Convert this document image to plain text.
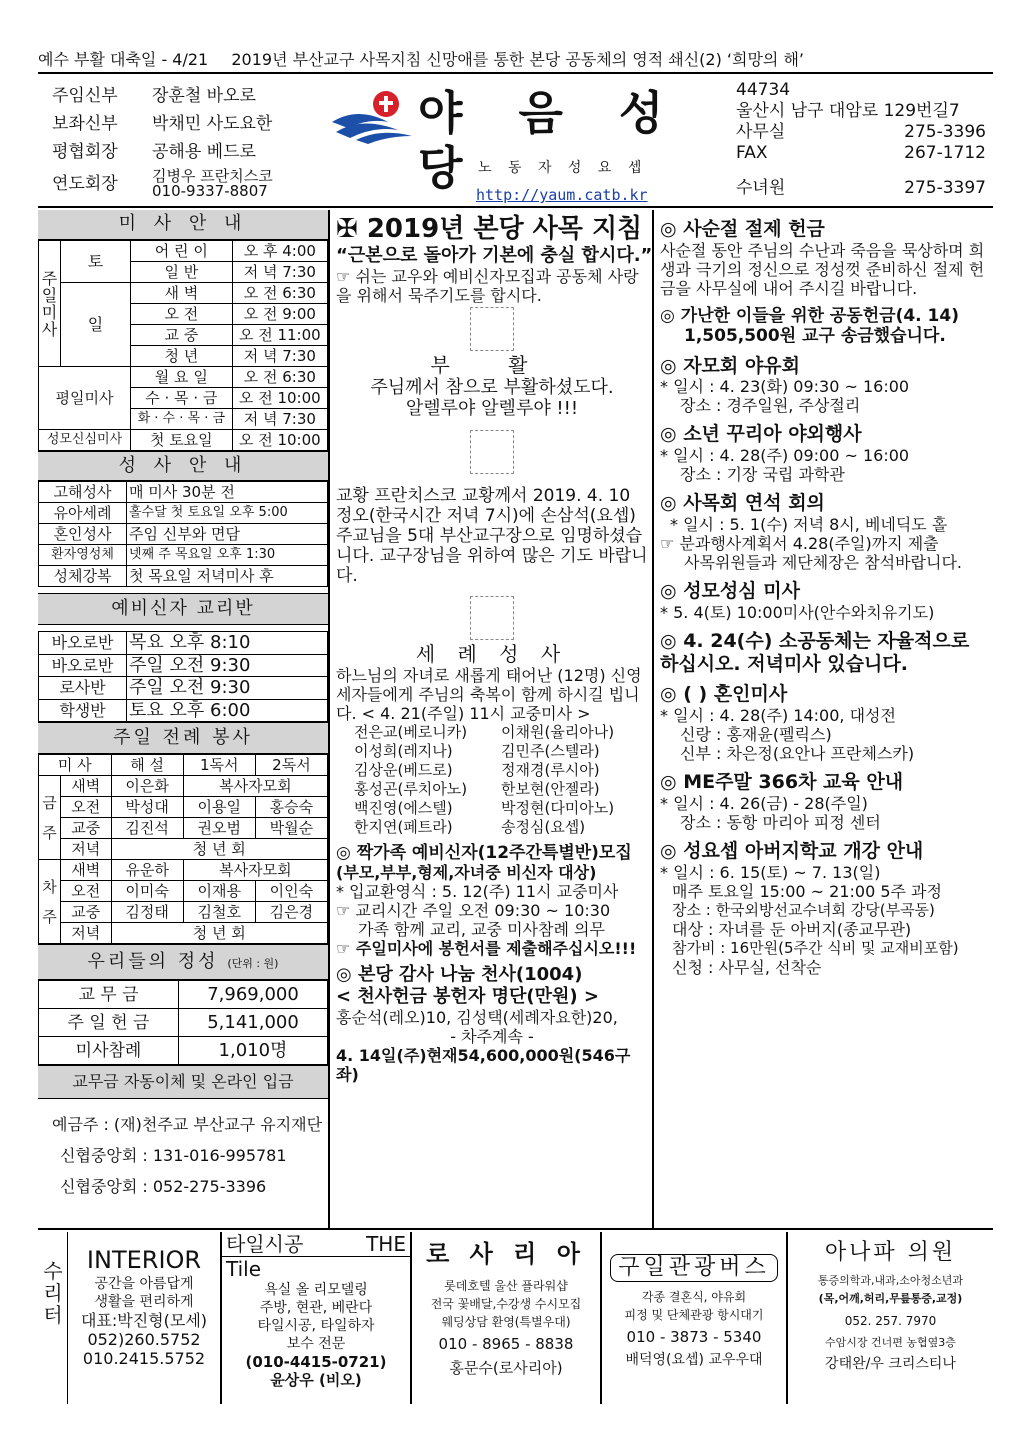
예수 부활 대축일 - 4/21 2019년 부산교구 사목지침 신망애를 통한 본당 공동체의 영적 쇄신(2) ‘희망의 해’
주임신부	장훈철 바오로
보좌신부	박채민 사도요한
평협회장	공해용 베드로
연도회장	김병우 프란치스코
010-9337-8807
야 음 성 당
노 동 자 성 요 셉
http://yaum.catb.kr
44734
울산시 남구 대암로 129번길7
사무실	275-3396
FAX	267-1712
수녀원	275-3397
미 사 안 내
주일미사	토	어 린 이	오 후 4:00
		일 반	저 녁 7:30
	일	새 벽	오 전 6:30
		오 전	오 전 9:00
		교 중	오 전 11:00
		청 년	저 녁 7:30
평일미사		월 요 일	오 전 6:30
		수 · 목 · 금	오 전 10:00
		화 · 수 · 목 · 금	저 녁 7:30
성모신심미사		첫 토요일	오 전 10:00
성 사 안 내
고해성사	매 미사 30분 전
유아세례	홀수달 첫 토요일 오후 5:00
혼인성사	주임 신부와 면담
환자영성체	넷째 주 목요일 오후 1:30
성체강복	첫 목요일 저녁미사 후
예비신자 교리반
바오로반	목요 오후 8:10
바오로반	주일 오전 9:30
로사반	주일 오전 9:30
학생반	토요 오후 6:00
주일 전례 봉사
미 사		해 설	1독서	2독서
금주	새벽	이은화	복사자모회	
	오전	박성대	이용일	홍승숙
	교중	김진석	권오범	박월순
	저녁	청 년 회		
차주	새벽	유운하	복사자모회	
	오전	이미숙	이재용	이인숙
	교중	김정태	김철호	김은경
	저녁	청 년 회		
우리들의 정성 (단위 : 원)
교 무 금	7,969,000
주 일 헌 금	5,141,000
미사참례	1,010명
교무금 자동이체 및 온라인 입금
예금주 : (재)천주교 부산교구 유지재단
신협중앙회 : 131-016-995781
신협중앙회 : 052-275-3396
✠ 2019년 본당 사목 지침
“근본으로 돌아가 기본에 충실 합시다.”
☞ 쉬는 교우와 예비신자모집과 공동체 사랑을 위해서 묵주기도를 합시다.
부 활
주님께서 참으로 부활하셨도다.
알렐루야 알렐루야 !!!
교황 프란치스코 교황께서 2019. 4. 10 정오(한국시간 저녁 7시)에 손삼석(요셉)주교님을 5대 부산교구장으로 임명하셨습니다. 교구장님을 위하여 많은 기도 바랍니다.
세 례 성 사
하느님의 자녀로 새롭게 태어난 (12명) 신영세자들에게 주님의 축복이 함께 하시길 빕니다. < 4. 21(주일) 11시 교중미사 >
전은교(베로니카)	이채원(율리아나)
이성희(레지나)	김민주(스텔라)
김상운(베드로)	정재경(루시아)
홍성곤(루치아노)	한보현(안젤라)
백진영(에스텔)	박정현(다미아노)
한지연(페트라)	송정심(요셉)
◎ 짝가족 예비신자(12주간특별반)모집
(부모,부부,형제,자녀중 비신자 대상)
* 입교환영식 : 5. 12(주) 11시 교중미사
☞ 교리시간 주일 오전 09:30 ~ 10:30
가족 함께 교리, 교중 미사참례 의무
☞ 주일미사에 봉헌서를 제출해주십시오!!!
◎ 본당 감사 나눔 천사(1004)
< 천사헌금 봉헌자 명단(만원) >
홍순석(레오)10, 김성택(세례자요한)20,
- 차주계속 -
4. 14일(주)현재54,600,000원(546구좌)
◎ 사순절 절제 헌금
사순절 동안 주님의 수난과 죽음을 묵상하며 희생과 극기의 정신으로 정성껏 준비하신 절제 헌금을 사무실에 내어 주시길 바랍니다.
◎ 가난한 이들을 위한 공동헌금(4. 14)
1,505,500원 교구 송금했습니다.
◎ 자모회 야유회
* 일시 : 4. 23(화) 09:30 ~ 16:00
장소 : 경주일원, 주상절리
◎ 소년 꾸리아 야외행사
* 일시 : 4. 28(주) 09:00 ~ 16:00
장소 : 기장 국립 과학관
◎ 사목회 연석 회의
* 일시 : 5. 1(수) 저녁 8시, 베네딕도 홀
☞ 분과행사계획서 4.28(주일)까지 제출
사목위원들과 제단체장은 참석바랍니다.
◎ 성모성심 미사
* 5. 4(토) 10:00미사(안수와치유기도)
◎ 4. 24(수) 소공동체는 자율적으로 하십시오. 저녁미사 있습니다.
◎ ( ) 혼인미사
* 일시 : 4. 28(주) 14:00, 대성전
신랑 : 홍재윤(펠릭스)
신부 : 차은정(요안나 프란체스카)
◎ ME주말 366차 교육 안내
* 일시 : 4. 26(금) - 28(주일)
장소 : 동항 마리아 피정 센터
◎ 성요셉 아버지학교 개강 안내
* 일시 : 6. 15(토) ~ 7. 13(일)
매주 토요일 15:00 ~ 21:00 5주 과정
장소 : 한국외방선교수녀회 강당(부곡동)
대상 : 자녀를 둔 아버지(종교무관)
참가비 : 16만원(5주간 식비 및 교재비포함)
신청 : 사무실, 선착순
수리터
INTERIOR
공간을 아름답게
생활을 편리하게
대표:박진형(모세)
052)260.5752
010.2415.5752
타일시공	THE
Tile
욕실 올 리모델링
주방, 현관, 베란다
타일시공, 타일하자
보수 전문
(010-4415-0721)
윤상우 (비오)
로 사 리 아
롯데호텔 울산 플라워샵
전국 꽃배달,수강생 수시모집
웨딩상담 환영(특별우대)
010 - 8965 - 8838
홍문수(로사리아)
구일관광버스
각종 결혼식, 야유회
피정 및 단체관광 항시대기
010 - 3873 - 5340
배덕영(요셉) 교우우대
아나파 의원
통증의학과,내과,소아청소년과
(목,어깨,허리,무릎통증,교정)
052. 257. 7970
수암시장 건너편 농협옆3층
강태완/우 크리스티나
